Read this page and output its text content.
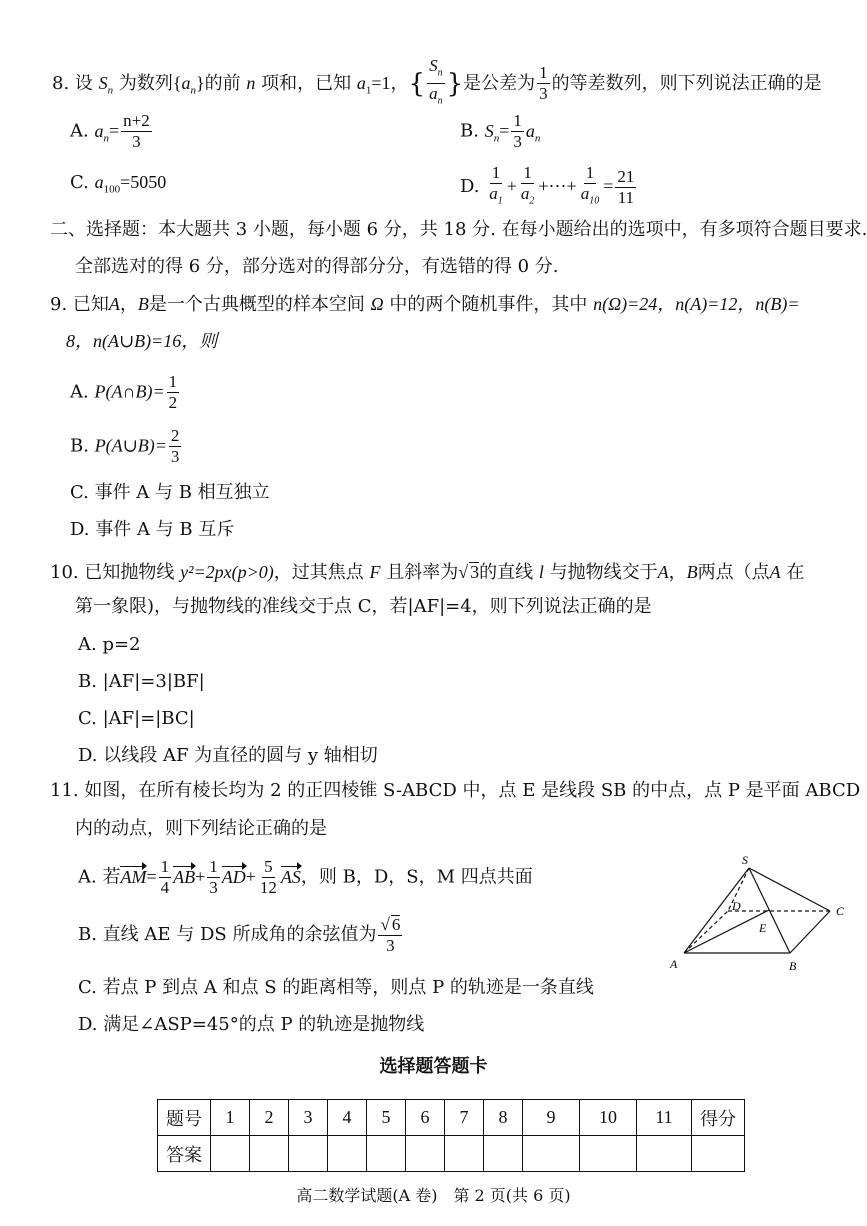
8. 设 $S_n$ 为数列$\{a_n\}$的前 n 项和，已知 $a_1=1$，{ $\frac{S_n}{a_n}$ }是公差为 $\frac{1}{3}$ 的等差数列，则下列说法正确的是
A. $a_n= \frac{n+2}{3}$	B. $S_n= \frac{1}{3} a_n$
C. $a_{100}=5050$	D. $\frac{1}{a_1} + \frac{1}{a_2}$ +⋯+ $\frac{1}{a_{10}} = \frac{21}{11}$
二、选择题：本大题共 3 小题，每小题 6 分，共 18 分. 在每小题给出的选项中，有多项符合题目要求.
全部选对的得 6 分，部分选对的得部分分，有选错的得 0 分.
9. 已知A，B是一个古典概型的样本空间 Ω 中的两个随机事件，其中 n(Ω)=24，n(A)=12，n(B)=
8，n(A∪B)=16，则
A. P(A∩B)= $\frac{1}{2}$
B. P(A∪B)= $\frac{2}{3}$
C. 事件 A 与 B 相互独立
D. 事件 A 与 B 互斥
10. 已知抛物线 y²=2px(p>0)，过其焦点 F 且斜率为√ 3的直线 l 与抛物线交于A，B两点（点A 在
第一象限)，与抛物线的准线交于点 C，若|AF|=4，则下列说法正确的是
A. p=2
B. |AF|=3|BF|
C. |AF|=|BC|
D. 以线段 AF 为直径的圆与 y 轴相切
11. 如图，在所有棱长均为 2 的正四棱锥 S-ABCD 中，点 E 是线段 SB 的中点，点 P 是平面 ABCD
内的动点，则下列结论正确的是
A. 若$AM= \frac{1}{4} AB+ \frac{1}{3} AD+ \frac{5}{12}$ AS，则 B，D，S，M 四点共面
B. 直线 AE 与 DS 所成角的余弦值为 $\frac{√ 6}{3}$
C. 若点 P 到点 A 和点 S 的距离相等，则点 P 的轨迹是一条直线
D. 满足∠ASP=45°的点 P 的轨迹是抛物线
S
D	C
E
A	B
选择题答题卡
题号	1	2	3	4	5	6	7	8	9	10	11	得分
答案												
高二数学试题(A 卷)　第 2 页(共 6 页)
